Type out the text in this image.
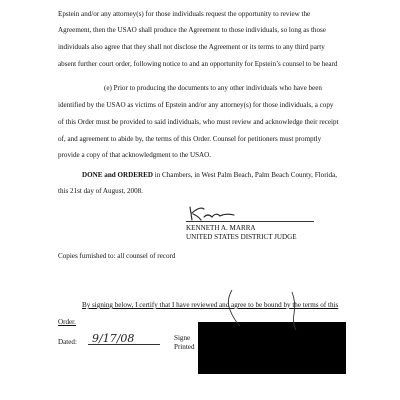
Epstein and/or any attorney(s) for those individuals request the opportunity to review the
Agreement, then the USAO shall produce the Agreement to those individuals, so long as those
individuals also agree that they shall not disclose the Agreement or its terms to any third party
absent further court order, following notice to and an opportunity for Epstein’s counsel to be heard
(e) Prior to producing the documents to any other individuals who have been
identified by the USAO as victims of Epstein and/or any attorney(s) for those individuals, a copy
of this Order must be provided to said individuals, who must review and acknowledge their receipt
of, and agreement to abide by, the terms of this Order. Counsel for petitioners must promptly
provide a copy of that acknowledgment to the USAO.
DONE and ORDERED in Chambers, in West Palm Beach, Palm Beach County, Florida,
this 21st day of August, 2008.
KENNETH A. MARRA
UNITED STATES DISTRICT JUDGE
Copies furnished to: all counsel of record
By signing below, I certify that I have reviewed and agree to be bound by the terms of this
Order.
Dated: 9/17/08	Signe
Printed
